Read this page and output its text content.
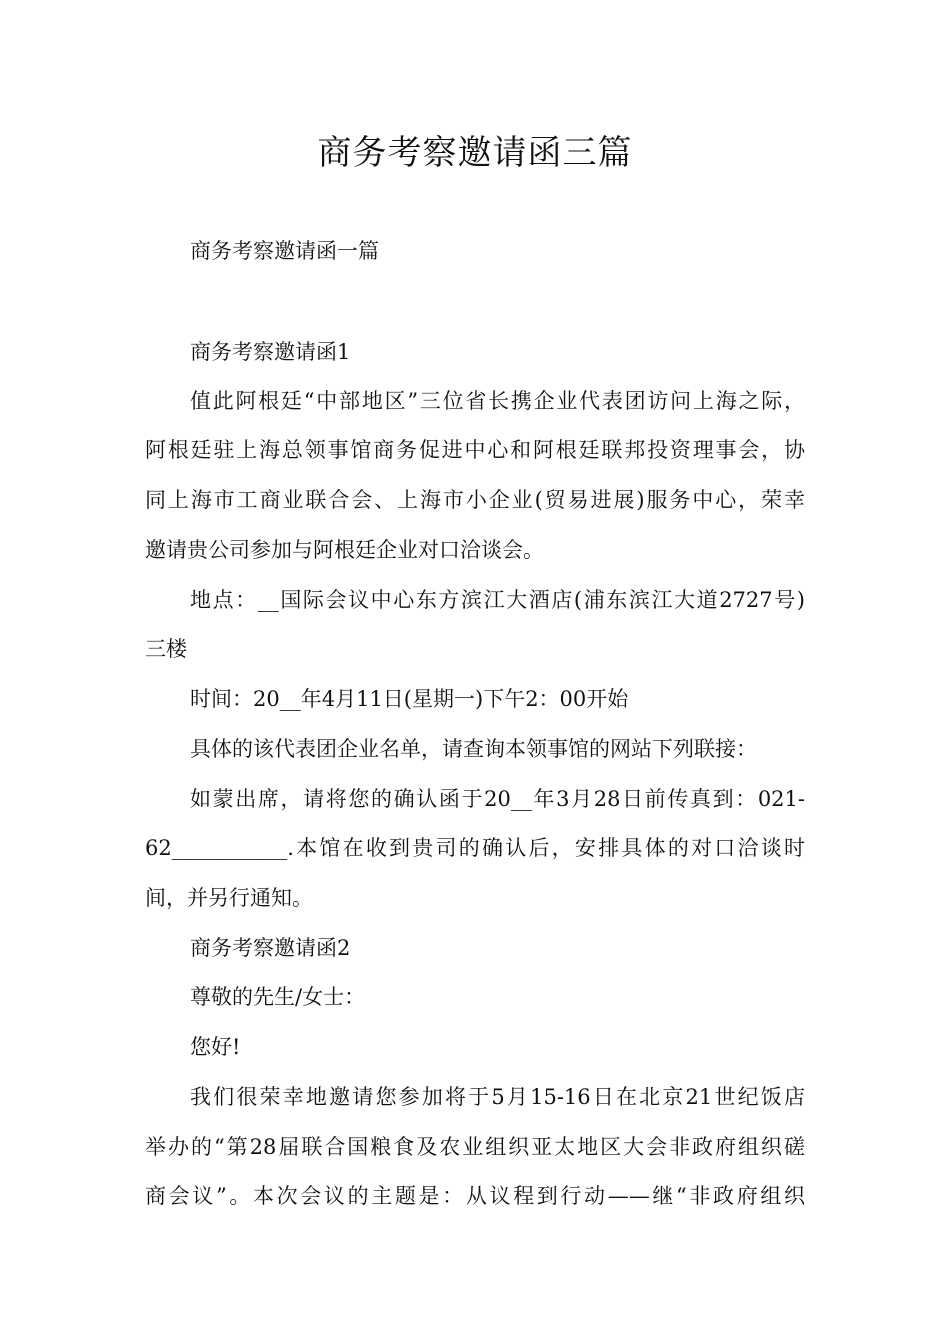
商务考察邀请函三篇

商务考察邀请函一篇

商务考察邀请函1

值此阿根廷“中部地区”三位省长携企业代表团访问上海之际，

阿根廷驻上海总领事馆商务促进中心和阿根廷联邦投资理事会，协

同上海市工商业联合会、上海市小企业(贸易进展)服务中心，荣幸

邀请贵公司参加与阿根廷企业对口洽谈会。

地点：__国际会议中心东方滨江大酒店(浦东滨江大道2727号)

三楼

时间：20__年4月11日(星期一)下午2：00开始

具体的该代表团企业名单，请查询本领事馆的网站下列联接：

如蒙出席，请将您的确认函于20__年3月28日前传真到：021-

62___________.本馆在收到贵司的确认后，安排具体的对口洽谈时

间，并另行通知。

商务考察邀请函2

尊敬的先生/女士：

您好!

我们很荣幸地邀请您参加将于5月15-16日在北京21世纪饭店

举办的“第28届联合国粮食及农业组织亚太地区大会非政府组织磋

商会议”。本次会议的主题是：从议程到行动——继“非政府组织
